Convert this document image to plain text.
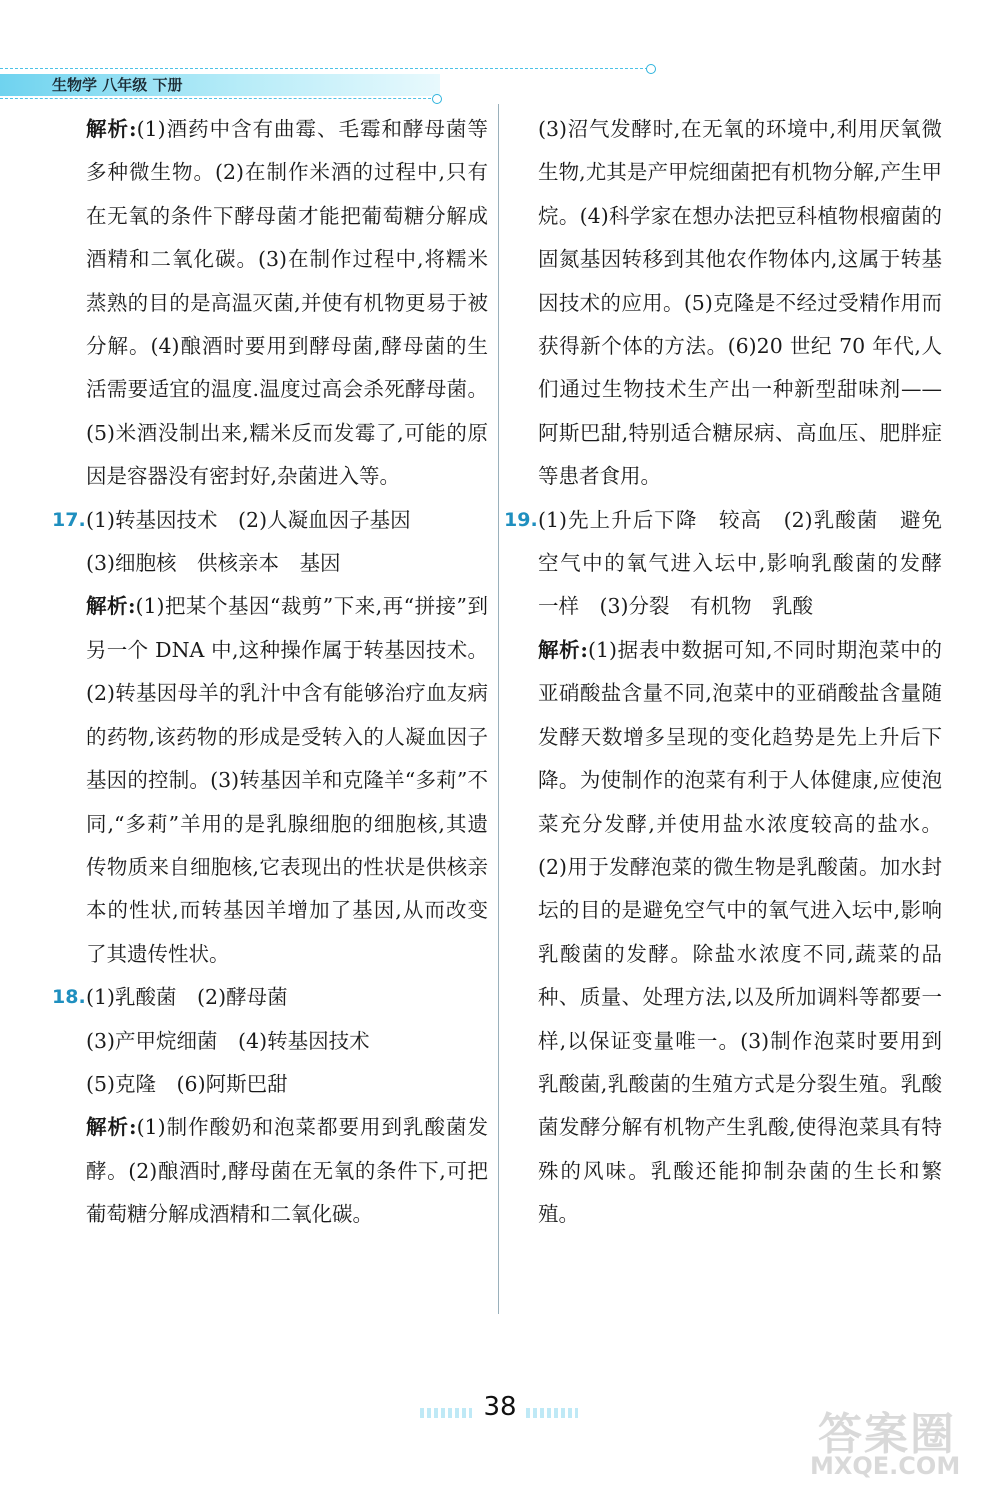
生物学 八年级 下册

解析:(1)酒药中含有曲霉、毛霉和酵母菌等多种微生物。(2)在制作米酒的过程中,只有在无氧的条件下酵母菌才能把葡萄糖分解成酒精和二氧化碳。(3)在制作过程中,将糯米蒸熟的目的是高温灭菌,并使有机物更易于被分解。(4)酿酒时要用到酵母菌,酵母菌的生活需要适宜的温度.温度过高会杀死酵母菌。(5)米酒没制出来,糯米反而发霉了,可能的原因是容器没有密封好,杂菌进入等。

17. (1)转基因技术　(2)人凝血因子基因

(3)细胞核　供核亲本　基因

解析:(1)把某个基因“裁剪”下来,再“拼接”到另一个 DNA 中,这种操作属于转基因技术。(2)转基因母羊的乳汁中含有能够治疗血友病的药物,该药物的形成是受转入的人凝血因子基因的控制。(3)转基因羊和克隆羊“多莉”不同,“多莉”羊用的是乳腺细胞的细胞核,其遗传物质来自细胞核,它表现出的性状是供核亲本的性状,而转基因羊增加了基因,从而改变了其遗传性状。

18. (1)乳酸菌　(2)酵母菌

(3)产甲烷细菌　(4)转基因技术

(5)克隆　(6)阿斯巴甜

解析:(1)制作酸奶和泡菜都要用到乳酸菌发酵。(2)酿酒时,酵母菌在无氧的条件下,可把葡萄糖分解成酒精和二氧化碳。

(3)沼气发酵时,在无氧的环境中,利用厌氧微生物,尤其是产甲烷细菌把有机物分解,产生甲烷。(4)科学家在想办法把豆科植物根瘤菌的固氮基因转移到其他农作物体内,这属于转基因技术的应用。(5)克隆是不经过受精作用而获得新个体的方法。(6)20 世纪 70 年代,人们通过生物技术生产出一种新型甜味剂——阿斯巴甜,特别适合糖尿病、高血压、肥胖症等患者食用。

19. (1)先上升后下降　较高　(2)乳酸菌　避免空气中的氧气进入坛中,影响乳酸菌的发酵　一样　(3)分裂　有机物　乳酸

解析:(1)据表中数据可知,不同时期泡菜中的亚硝酸盐含量不同,泡菜中的亚硝酸盐含量随发酵天数增多呈现的变化趋势是先上升后下降。为使制作的泡菜有利于人体健康,应使泡菜充分发酵,并使用盐水浓度较高的盐水。(2)用于发酵泡菜的微生物是乳酸菌。加水封坛的目的是避免空气中的氧气进入坛中,影响乳酸菌的发酵。除盐水浓度不同,蔬菜的品种、质量、处理方法,以及所加调料等都要一样,以保证变量唯一。(3)制作泡菜时要用到乳酸菌,乳酸菌的生殖方式是分裂生殖。乳酸菌发酵分解有机物产生乳酸,使得泡菜具有特殊的风味。乳酸还能抑制杂菌的生长和繁殖。

38
答案圈
MXQE.COM
